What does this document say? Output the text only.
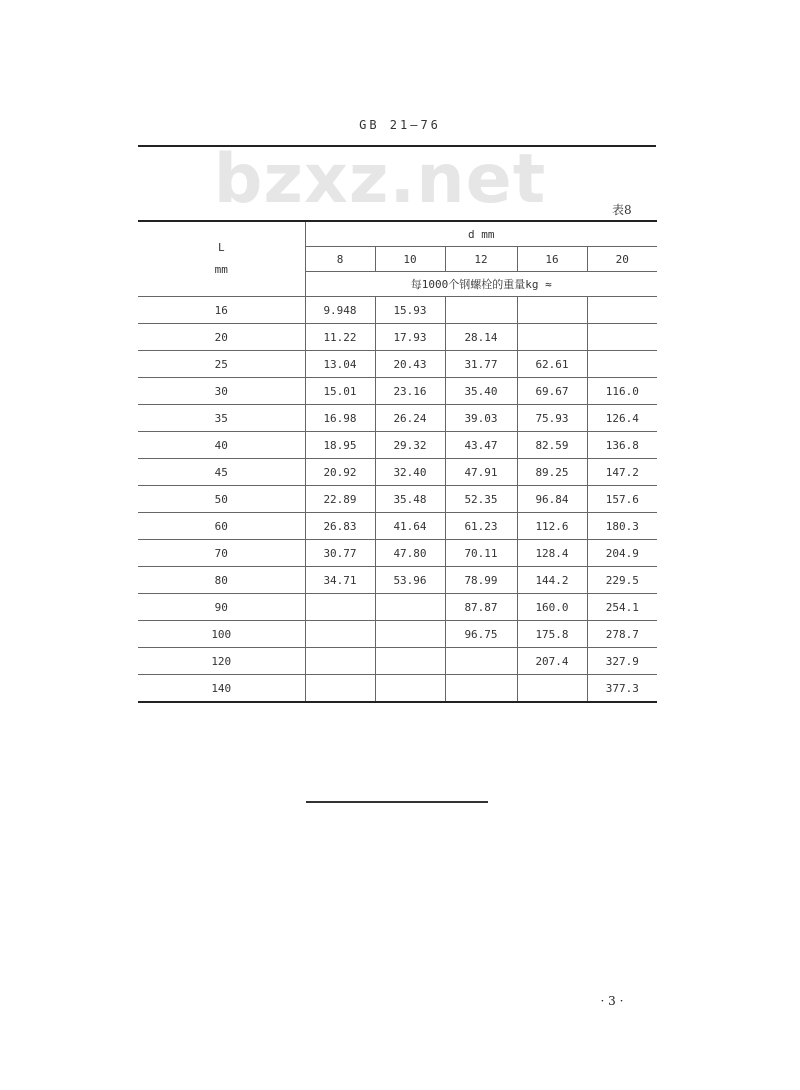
GB 21—76
bzxz.net	表8
L
mm	d mm				
	8	10	12	16	20
	每1000个钢螺栓的重量kg ≈				
16	9.948	15.93			
20	11.22	17.93	28.14		
25	13.04	20.43	31.77	62.61	
30	15.01	23.16	35.40	69.67	116.0
35	16.98	26.24	39.03	75.93	126.4
40	18.95	29.32	43.47	82.59	136.8
45	20.92	32.40	47.91	89.25	147.2
50	22.89	35.48	52.35	96.84	157.6
60	26.83	41.64	61.23	112.6	180.3
70	30.77	47.80	70.11	128.4	204.9
80	34.71	53.96	78.99	144.2	229.5
90			87.87	160.0	254.1
100			96.75	175.8	278.7
120				207.4	327.9
140					377.3
· 3 ·
